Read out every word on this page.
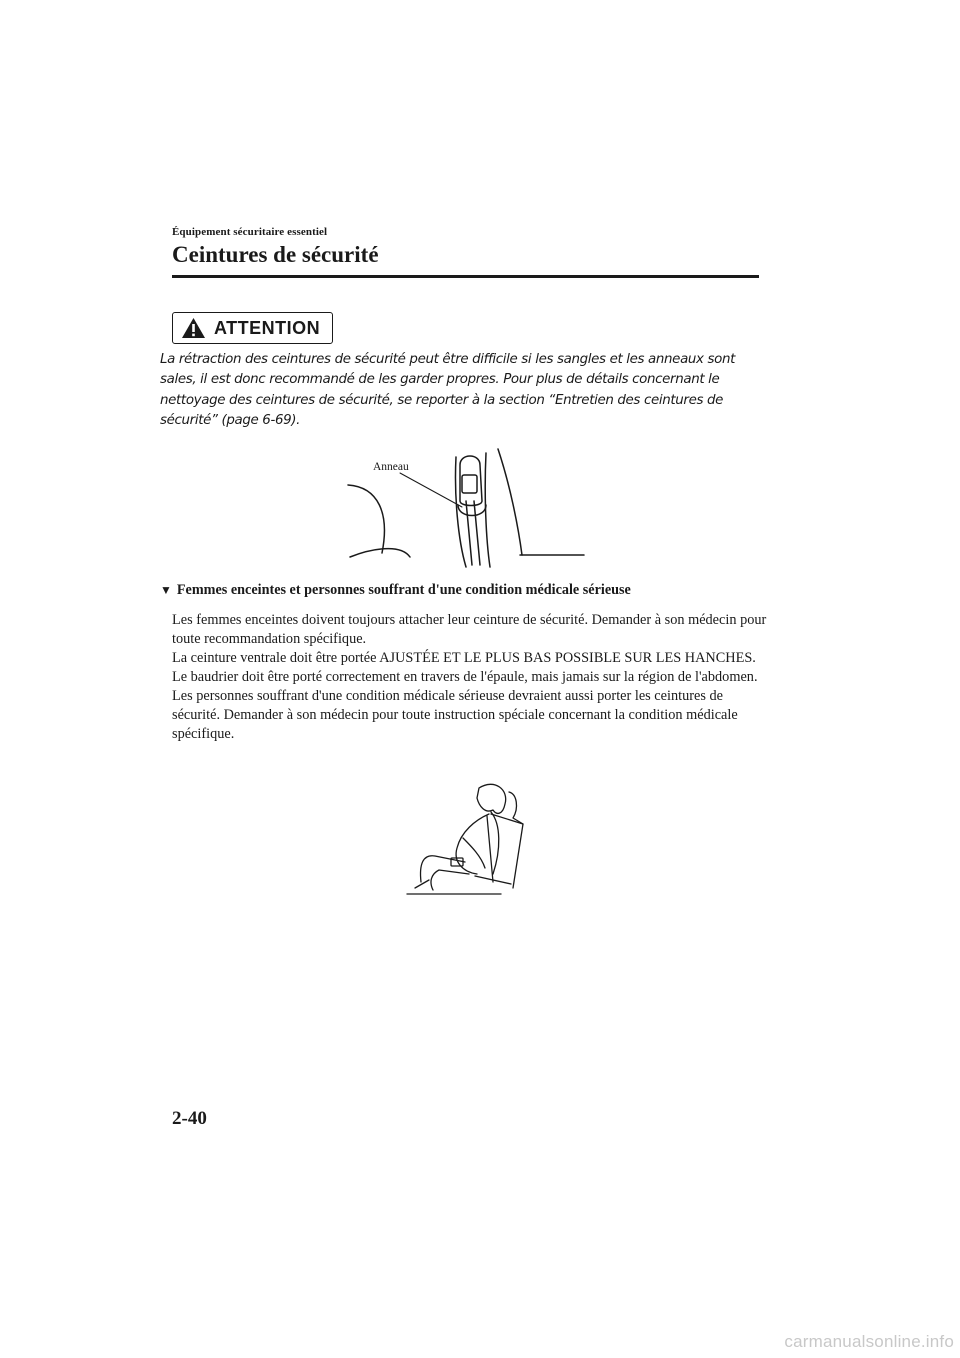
Équipement sécuritaire essentiel
Ceintures de sécurité
ATTENTION

La rétraction des ceintures de sécurité peut être difficile si les sangles et les anneaux sont sales, il est donc recommandé de les garder propres. Pour plus de détails concernant le nettoyage des ceintures de sécurité, se reporter à la section “Entretien des ceintures de sécurité” (page 6-69).

Anneau
▼ Femmes enceintes et personnes souffrant d'une condition médicale sérieuse
Les femmes enceintes doivent toujours attacher leur ceinture de sécurité. Demander à son médecin pour toute recommandation spécifique.
La ceinture ventrale doit être portée AJUSTÉE ET LE PLUS BAS POSSIBLE SUR LES HANCHES.
Le baudrier doit être porté correctement en travers de l'épaule, mais jamais sur la région de l'abdomen.
Les personnes souffrant d'une condition médicale sérieuse devraient aussi porter les ceintures de sécurité. Demander à son médecin pour toute instruction spéciale concernant la condition médicale spécifique.
2-40
carmanualsonline.info
